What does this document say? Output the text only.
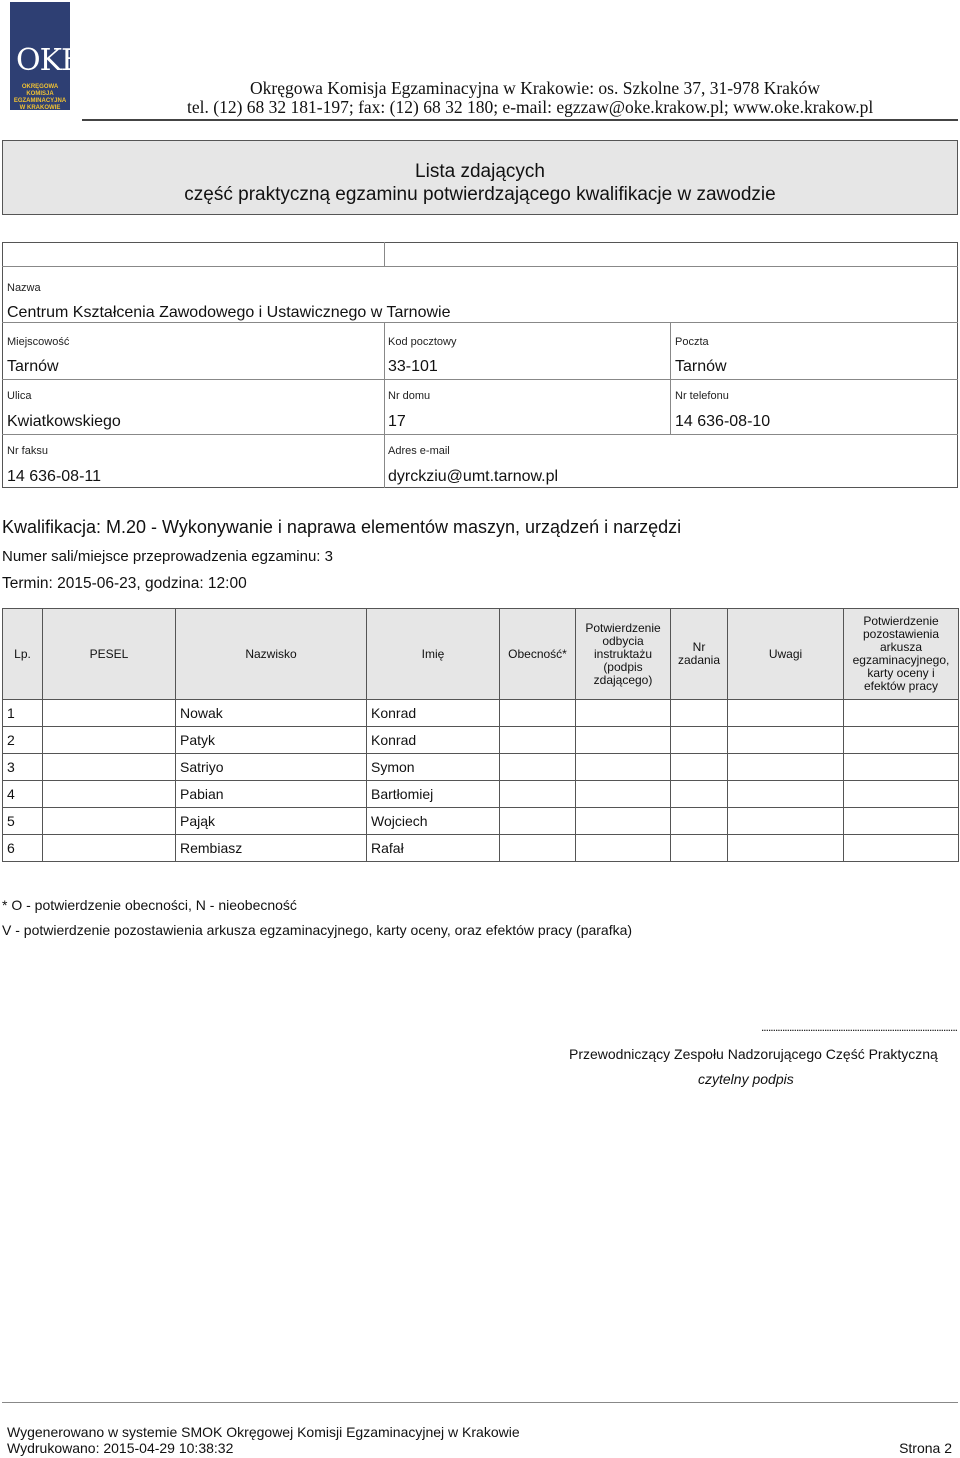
OKE
OKRĘGOWA KOMISJA EGZAMINACYJNA W KRAKOWIE
Okręgowa Komisja Egzaminacyjna w Krakowie: os. Szkolne 37, 31-978 Kraków
tel. (12) 68 32 181-197; fax: (12) 68 32 180; e-mail: egzzaw@oke.krakow.pl; www.oke.krakow.pl
Lista zdających
część praktyczną egzaminu potwierdzającego kwalifikacje w zawodzie
Nazwa
Centrum Kształcenia Zawodowego i Ustawicznego w Tarnowie
Miejscowość
Tarnów
Kod pocztowy
33-101
Poczta
Tarnów
Ulica
Kwiatkowskiego
Nr domu
17
Nr telefonu
14 636-08-10
Nr faksu
14 636-08-11
Adres e-mail
dyrckziu@umt.tarnow.pl
Kwalifikacja: M.20 - Wykonywanie i naprawa elementów maszyn, urządzeń i narzędzi
Numer sali/miejsce przeprowadzenia egzaminu: 3
Termin: 2015-06-23, godzina: 12:00
Lp.	PESEL	Nazwisko	Imię	Obecność*	Potwierdzenie odbycia instruktażu (podpis zdającego)	Nr zadania	Uwagi	Potwierdzenie pozostawienia arkusza egzaminacyjnego, karty oceny i efektów pracy
1		Nowak	Konrad					
2		Patyk	Konrad					
3		Satriyo	Symon					
4		Pabian	Bartłomiej					
5		Pająk	Wojciech					
6		Rembiasz	Rafał					
* O - potwierdzenie obecności, N - nieobecność
V - potwierdzenie pozostawienia arkusza egzaminacyjnego, karty oceny, oraz efektów pracy (parafka)
....................................................................................
Przewodniczący Zespołu Nadzorującego Część Praktyczną
czytelny podpis
Wygenerowano w systemie SMOK Okręgowej Komisji Egzaminacyjnej w Krakowie
Wydrukowano: 2015-04-29 10:38:32	Strona 2
